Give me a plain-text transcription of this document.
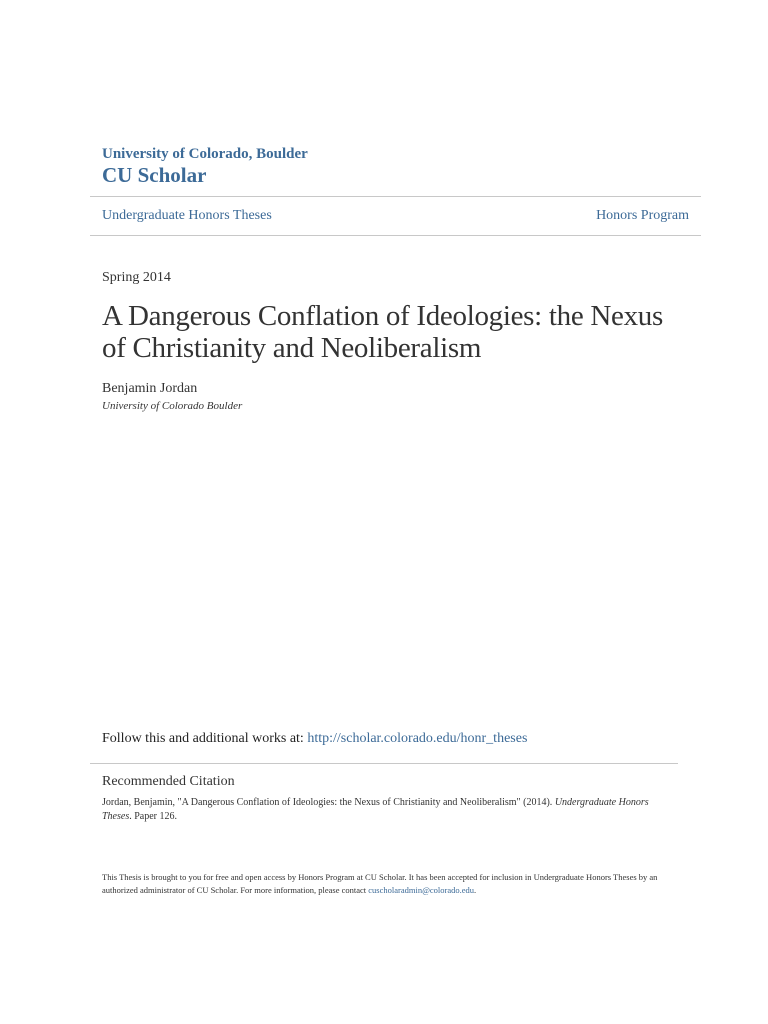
University of Colorado, Boulder
CU Scholar
Undergraduate Honors Theses	Honors Program
Spring 2014
A Dangerous Conflation of Ideologies: the Nexus of Christianity and Neoliberalism
Benjamin Jordan
University of Colorado Boulder
Follow this and additional works at: http://scholar.colorado.edu/honr_theses
Recommended Citation
Jordan, Benjamin, "A Dangerous Conflation of Ideologies: the Nexus of Christianity and Neoliberalism" (2014). Undergraduate Honors Theses. Paper 126.
This Thesis is brought to you for free and open access by Honors Program at CU Scholar. It has been accepted for inclusion in Undergraduate Honors Theses by an authorized administrator of CU Scholar. For more information, please contact cuscholaradmin@colorado.edu.
